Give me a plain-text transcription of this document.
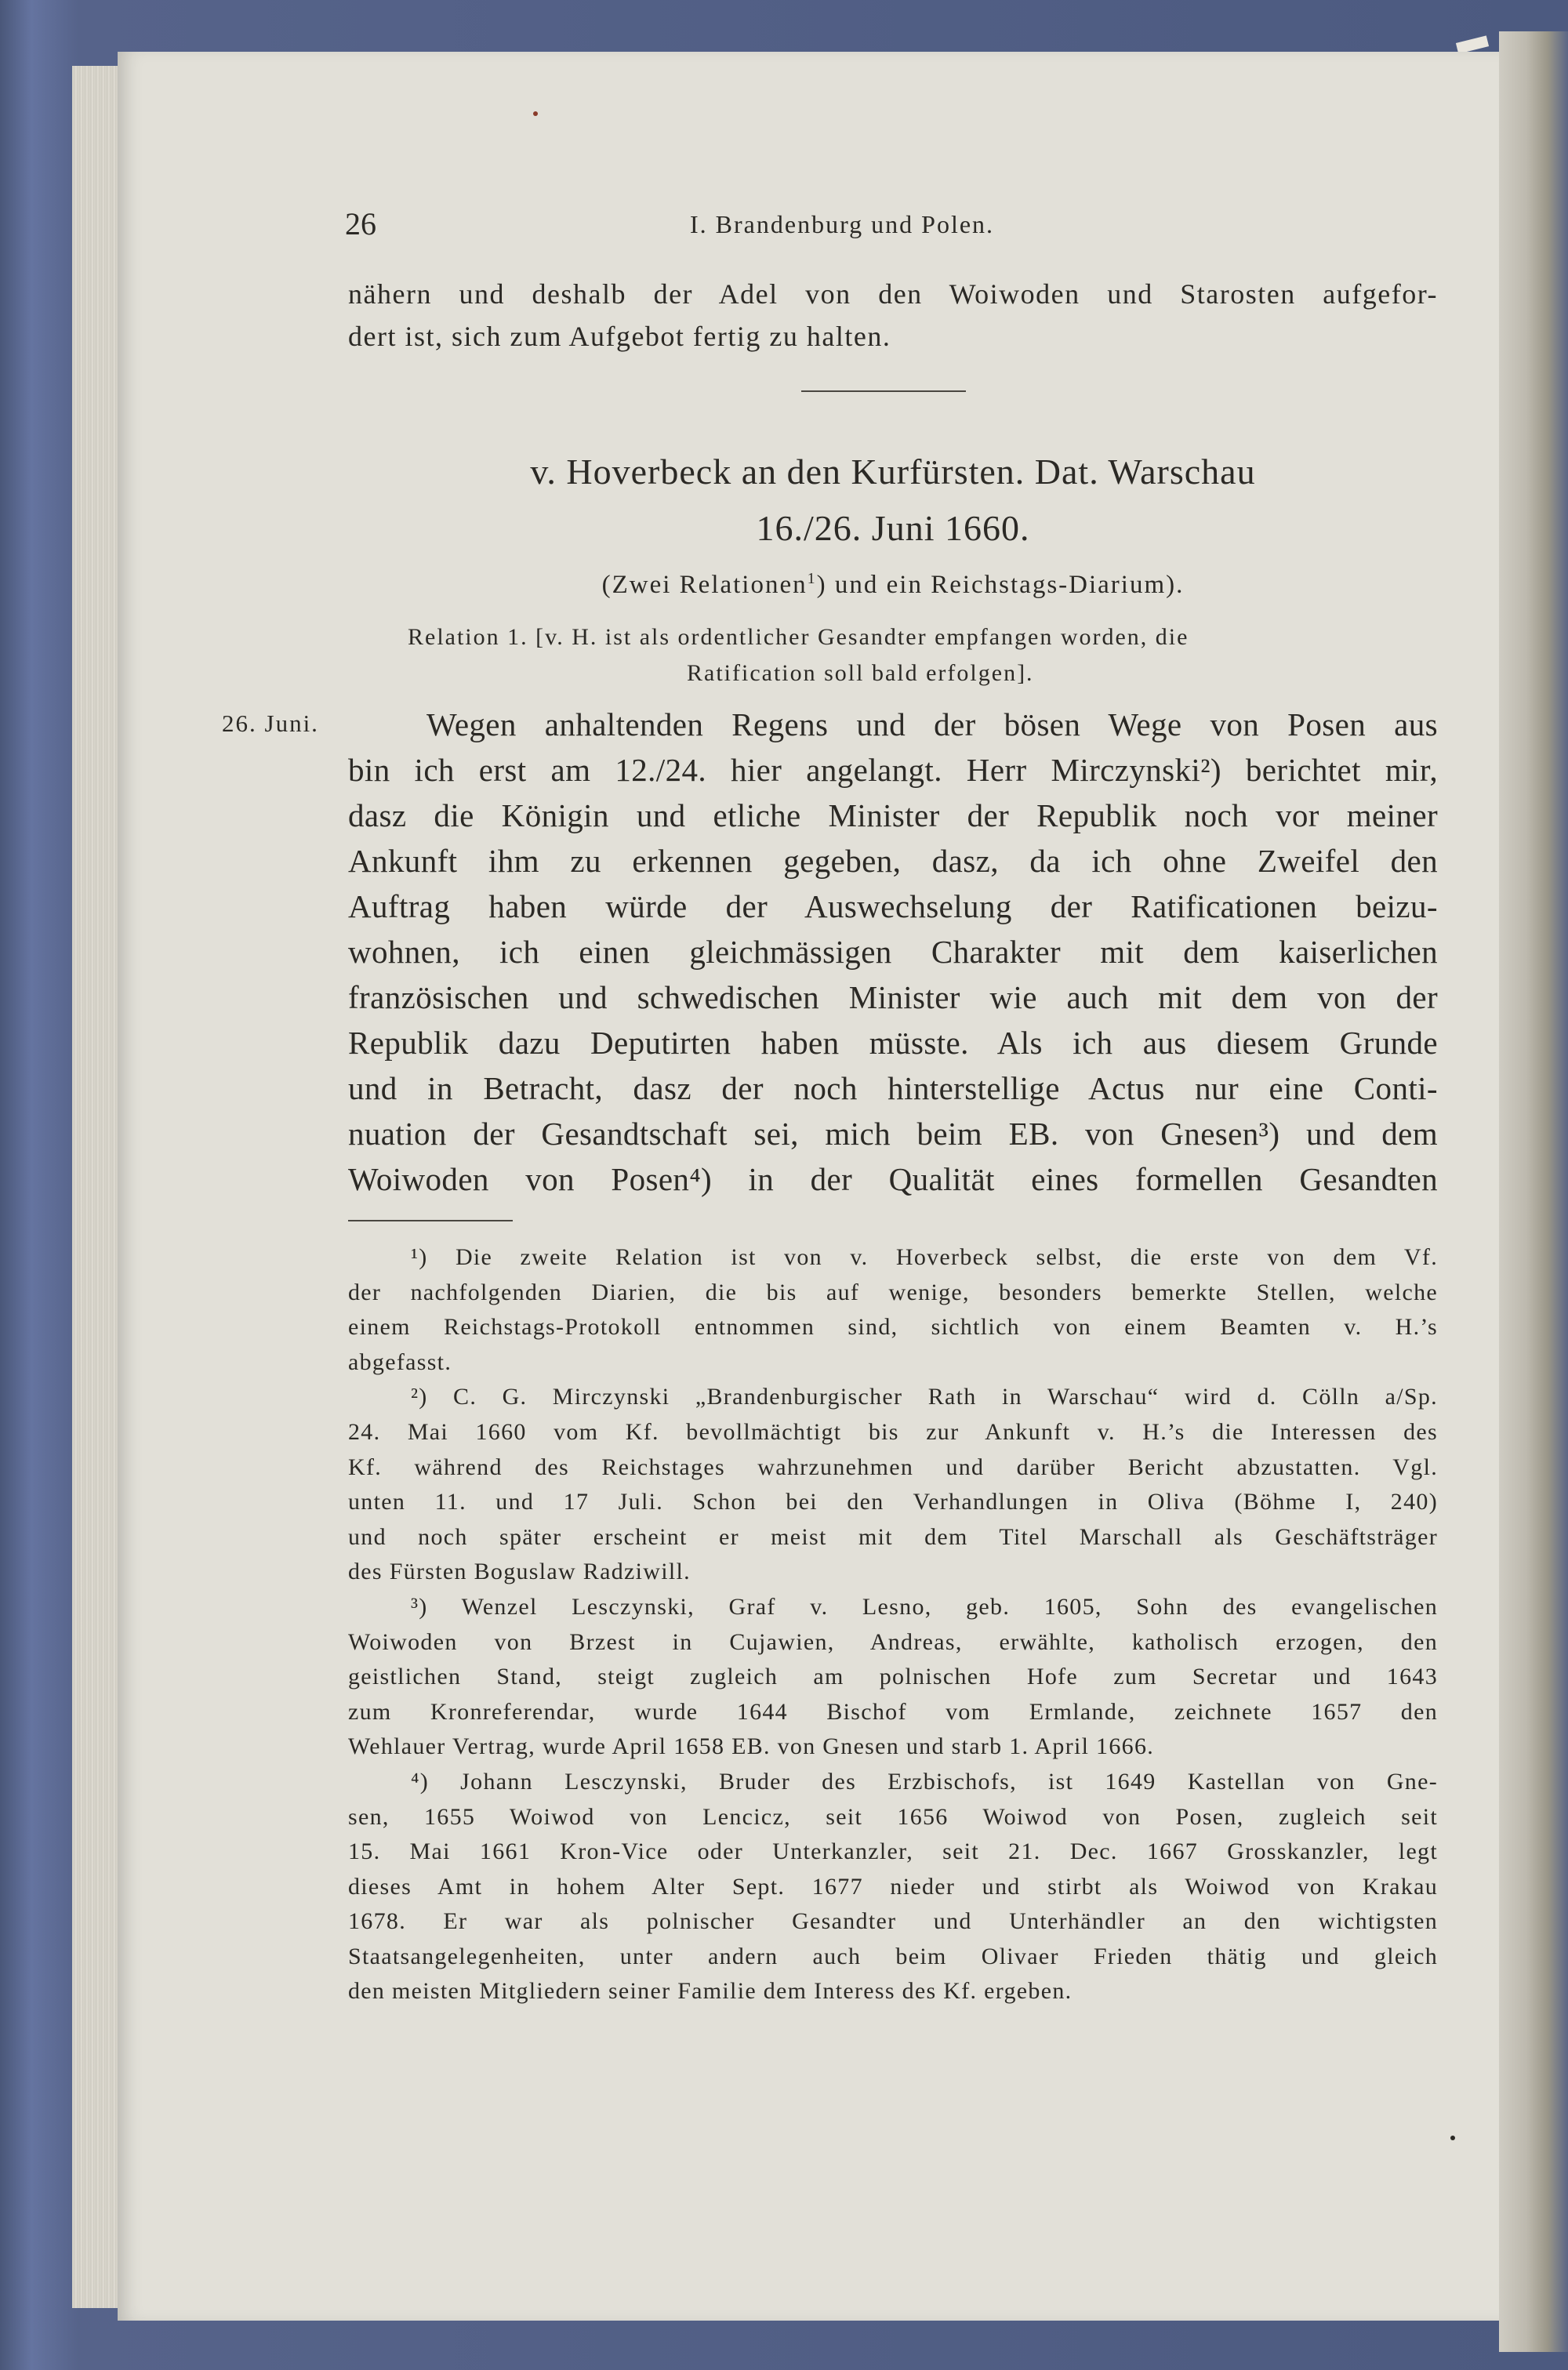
26	I. Brandenburg und Polen.
nähern und deshalb der Adel von den Woiwoden und Starosten aufgefor-
dert ist, sich zum Aufgebot fertig zu halten.
v. Hoverbeck an den Kurfürsten. Dat. Warschau
16./26. Juni 1660.
(Zwei Relationen$^1$) und ein Reichstags-Diarium).
Relation 1. [v. H. ist als ordentlicher Gesandter empfangen worden, die
Ratification soll bald erfolgen].
26. Juni.	Wegen anhaltenden Regens und der bösen Wege von Posen aus
bin ich erst am 12./24. hier angelangt. Herr Mirczynski²) berichtet mir,
dasz die Königin und etliche Minister der Republik noch vor meiner
Ankunft ihm zu erkennen gegeben, dasz, da ich ohne Zweifel den
Auftrag haben würde der Auswechselung der Ratificationen beizu-
wohnen, ich einen gleichmässigen Charakter mit dem kaiserlichen
französischen und schwedischen Minister wie auch mit dem von der
Republik dazu Deputirten haben müsste. Als ich aus diesem Grunde
und in Betracht, dasz der noch hinterstellige Actus nur eine Conti-
nuation der Gesandtschaft sei, mich beim EB. von Gnesen³) und dem
Woiwoden von Posen⁴) in der Qualität eines formellen Gesandten
¹) Die zweite Relation ist von v. Hoverbeck selbst, die erste von dem Vf.
der nachfolgenden Diarien, die bis auf wenige, besonders bemerkte Stellen, welche
einem Reichstags-Protokoll entnommen sind, sichtlich von einem Beamten v. H.’s
abgefasst.
²) C. G. Mirczynski „Brandenburgischer Rath in Warschau“ wird d. Cölln a/Sp.
24. Mai 1660 vom Kf. bevollmächtigt bis zur Ankunft v. H.’s die Interessen des
Kf. während des Reichstages wahrzunehmen und darüber Bericht abzustatten. Vgl.
unten 11. und 17 Juli. Schon bei den Verhandlungen in Oliva (Böhme I, 240)
und noch später erscheint er meist mit dem Titel Marschall als Geschäftsträger
des Fürsten Boguslaw Radziwill.
³) Wenzel Lesczynski, Graf v. Lesno, geb. 1605, Sohn des evangelischen
Woiwoden von Brzest in Cujawien, Andreas, erwählte, katholisch erzogen, den
geistlichen Stand, steigt zugleich am polnischen Hofe zum Secretar und 1643
zum Kronreferendar, wurde 1644 Bischof vom Ermlande, zeichnete 1657 den
Wehlauer Vertrag, wurde April 1658 EB. von Gnesen und starb 1. April 1666.
⁴) Johann Lesczynski, Bruder des Erzbischofs, ist 1649 Kastellan von Gne-
sen, 1655 Woiwod von Lencicz, seit 1656 Woiwod von Posen, zugleich seit
15. Mai 1661 Kron-Vice oder Unterkanzler, seit 21. Dec. 1667 Grosskanzler, legt
dieses Amt in hohem Alter Sept. 1677 nieder und stirbt als Woiwod von Krakau
1678. Er war als polnischer Gesandter und Unterhändler an den wichtigsten
Staatsangelegenheiten, unter andern auch beim Olivaer Frieden thätig und gleich
den meisten Mitgliedern seiner Familie dem Interess des Kf. ergeben.
